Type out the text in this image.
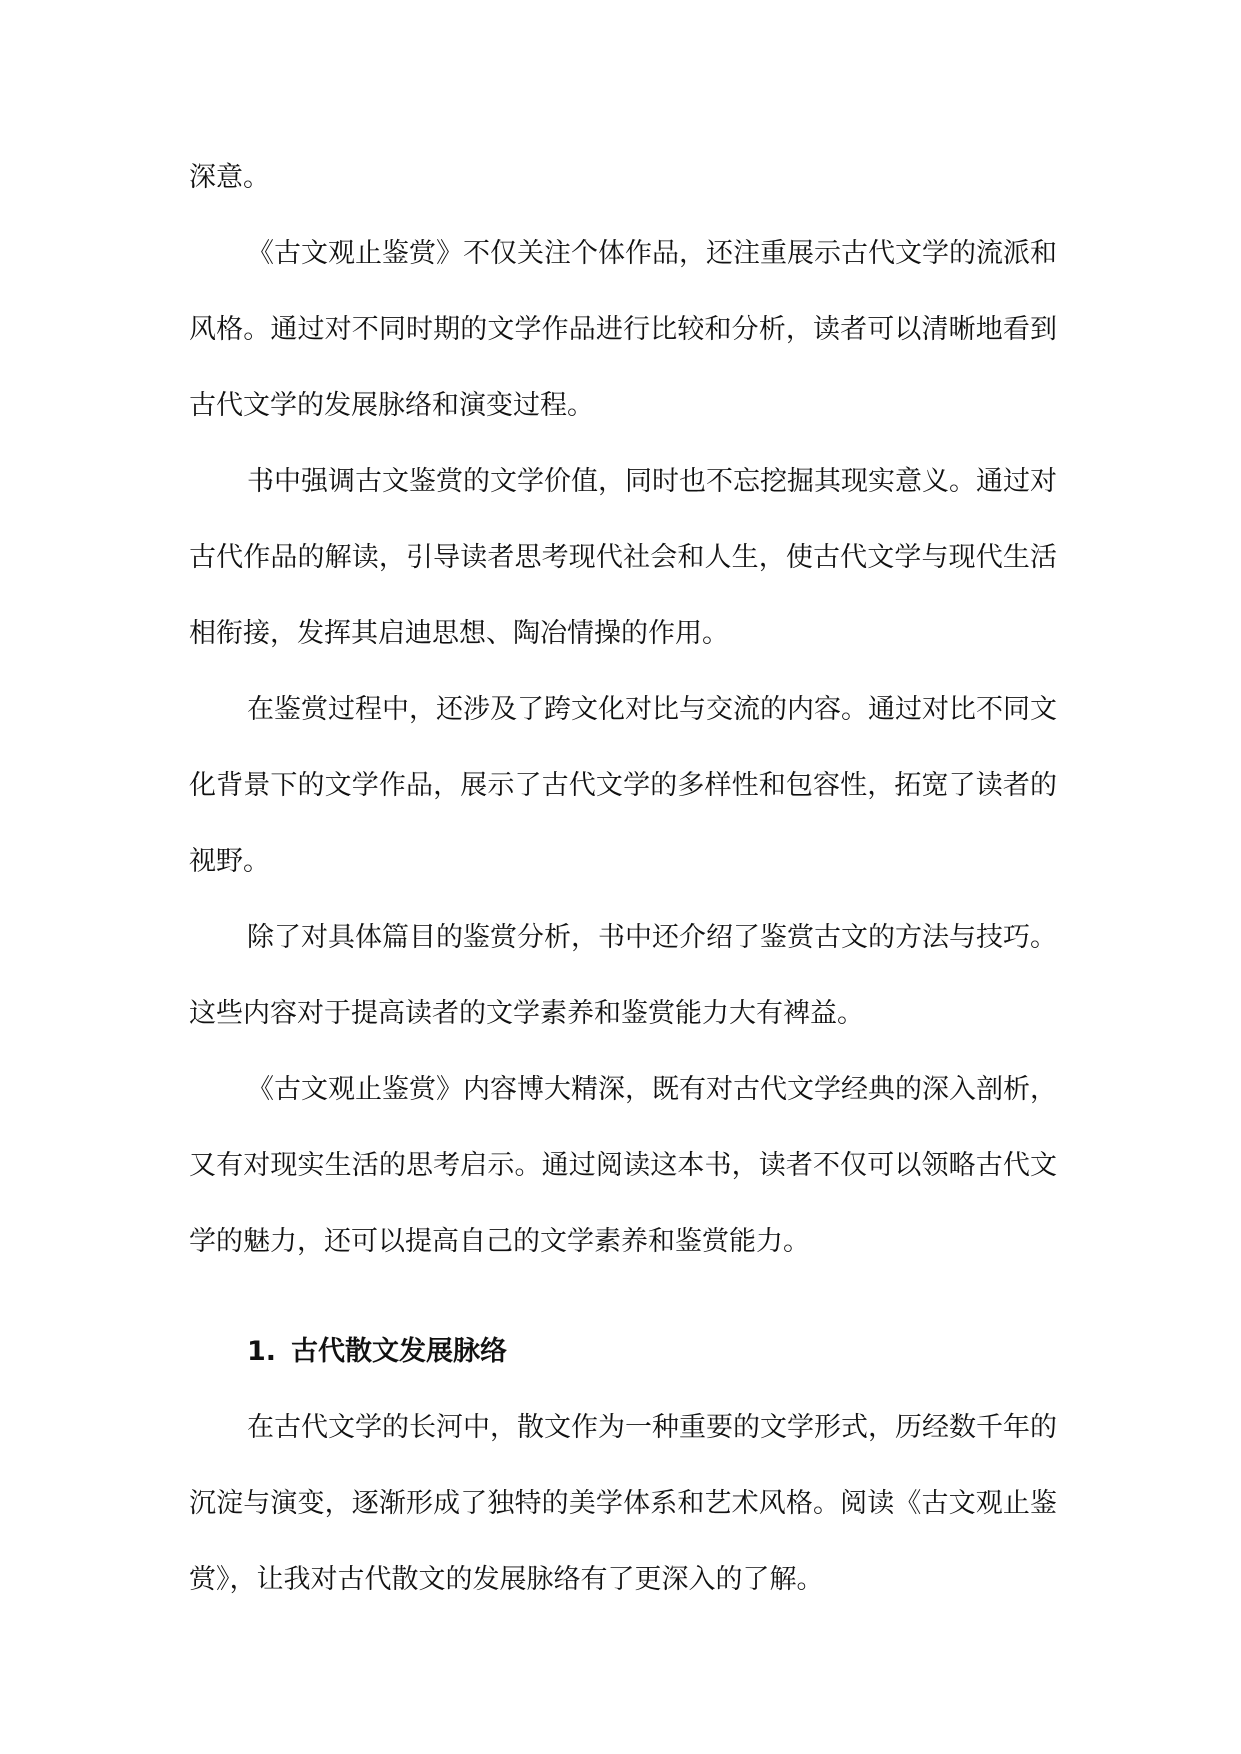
深意。

《古文观止鉴赏》不仅关注个体作品，还注重展示古代文学的流派和风格。通过对不同时期的文学作品进行比较和分析，读者可以清晰地看到古代文学的发展脉络和演变过程。

书中强调古文鉴赏的文学价值，同时也不忘挖掘其现实意义。通过对古代作品的解读，引导读者思考现代社会和人生，使古代文学与现代生活相衔接，发挥其启迪思想、陶冶情操的作用。

在鉴赏过程中，还涉及了跨文化对比与交流的内容。通过对比不同文化背景下的文学作品，展示了古代文学的多样性和包容性，拓宽了读者的视野。

除了对具体篇目的鉴赏分析，书中还介绍了鉴赏古文的方法与技巧。这些内容对于提高读者的文学素养和鉴赏能力大有裨益。

《古文观止鉴赏》内容博大精深，既有对古代文学经典的深入剖析，又有对现实生活的思考启示。通过阅读这本书，读者不仅可以领略古代文学的魅力，还可以提高自己的文学素养和鉴赏能力。

1. 古代散文发展脉络

在古代文学的长河中，散文作为一种重要的文学形式，历经数千年的沉淀与演变，逐渐形成了独特的美学体系和艺术风格。阅读《古文观止鉴赏》，让我对古代散文的发展脉络有了更深入的了解。
